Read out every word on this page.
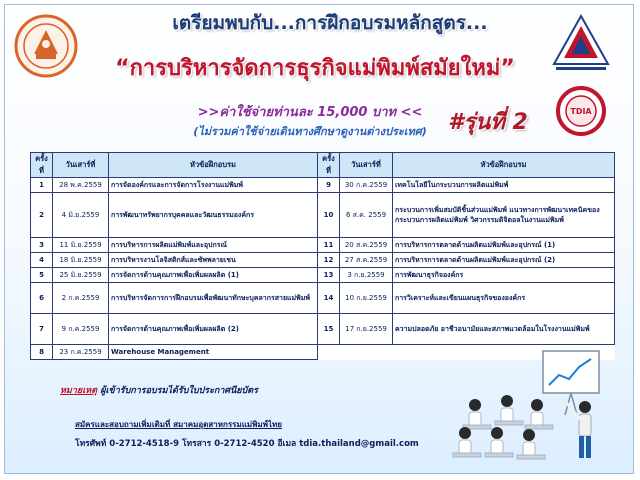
TDIA
เตรียมพบกับ...การฝึกอบรมหลักสูตร...
“การบริหารจัดการธุรกิจแม่พิมพ์สมัยใหม่”
>>ค่าใช้จ่ายท่านละ 15,000 บาท <<	#รุ่นที่ 2
(ไม่รวมค่าใช้จ่ายเดินทางศึกษาดูงานต่างประเทศ)
ครั้งที่	วันเสาร์ที่	หัวข้อฝึกอบรม	ครั้งที่	วันเสาร์ที่	หัวข้อฝึกอบรม
1	28 พ.ค.2559	การจัดองค์กรและการจัดการโรงงานแม่พิมพ์	9	30 ก.ค.2559	เทคโนโลยีในกระบวนการผลิตแม่พิมพ์
2	4 มิ.ย.2559	การพัฒนาทรัพยากรบุคคลและวัฒนธรรมองค์กร	10	6 ส.ค. 2559	กระบวนการเพิ่มสมบัติชิ้นส่วนแม่พิมพ์ แนวทางการพัฒนาเทคนิคของกระบวนการผลิตแม่พิมพ์ วิศวกรรมดิจิตอลในงานแม่พิมพ์
3	11 มิ.ย.2559	การบริหารการผลิตแม่พิมพ์และอุปกรณ์	11	20 ส.ค.2559	การบริหารการตลาดด้านผลิตแม่พิมพ์และอุปกรณ์ (1)
4	18 มิ.ย.2559	การบริหารงานโลจิสติกส์และซัพพลายเชน	12	27 ส.ค.2559	การบริหารการตลาดด้านผลิตแม่พิมพ์และอุปกรณ์ (2)
5	25 มิ.ย.2559	การจัดการด้านคุณภาพเพื่อเพิ่มผลผลิต (1)	13	3 ก.ย.2559	การพัฒนาธุรกิจองค์กร
6	2 ก.ค.2559	การบริหารจัดการการฝึกอบรมเพื่อพัฒนาทักษะบุคลากรสายแม่พิมพ์	14	10 ก.ย.2559	การวิเคราะห์และเขียนแผนธุรกิจขององค์กร
7	9 ก.ค.2559	การจัดการด้านคุณภาพเพื่อเพิ่มผลผลิต (2)	15	17 ก.ย.2559	ความปลอดภัย อาชีวอนามัยและสภาพแวดล้อมในโรงงานแม่พิมพ์
8	23 ก.ค.2559	Warehouse Management			
หมายเหตุ ผู้เข้ารับการอบรมได้รับใบประกาศนียบัตร
สมัครและสอบถามเพิ่มเติมที่ สมาคมอุตสาหกรรมแม่พิมพ์ไทย
โทรศัพท์ 0-2712-4518-9 โทรสาร 0-2712-4520 อีเมล tdia.thailand@gmail.com
